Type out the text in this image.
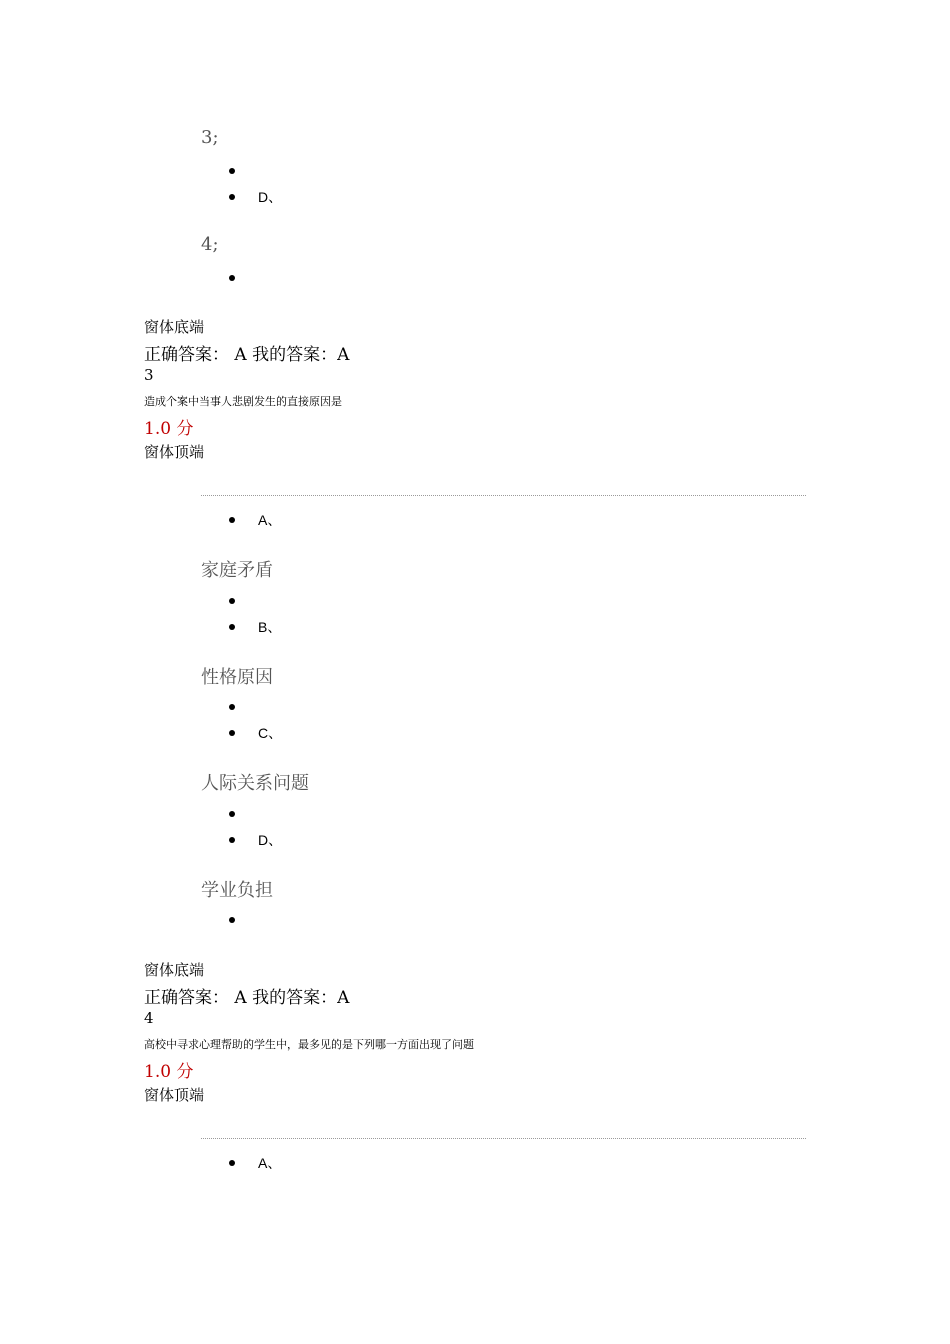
3;
D、
4;
窗体底端
正确答案： A 我的答案：A
3
造成个案中当事人悲剧发生的直接原因是
1.0 分
窗体顶端
A、
家庭矛盾
B、
性格原因
C、
人际关系问题
D、
学业负担
窗体底端
正确答案： A 我的答案：A
4
高校中寻求心理帮助的学生中，最多见的是下列哪一方面出现了问题
1.0 分
窗体顶端
A、
